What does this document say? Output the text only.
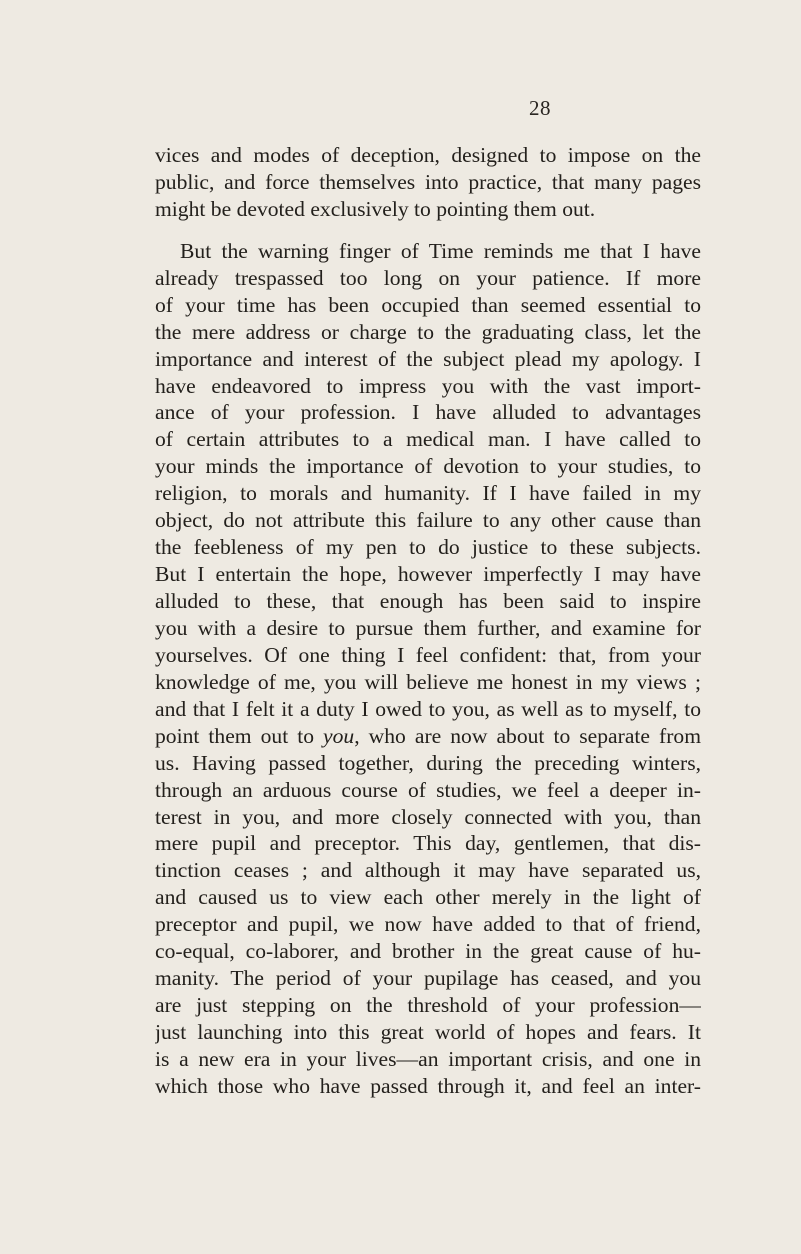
28
vices and modes of deception, designed to impose on the
public, and force themselves into practice, that many pages
might be devoted exclusively to pointing them out.
But the warning finger of Time reminds me that I have
already trespassed too long on your patience. If more
of your time has been occupied than seemed essential to
the mere address or charge to the graduating class, let the
importance and interest of the subject plead my apology. I
have endeavored to impress you with the vast import-
ance of your profession. I have alluded to advantages
of certain attributes to a medical man. I have called to
your minds the importance of devotion to your studies, to
religion, to morals and humanity. If I have failed in my
object, do not attribute this failure to any other cause than
the feebleness of my pen to do justice to these subjects.
But I entertain the hope, however imperfectly I may have
alluded to these, that enough has been said to inspire
you with a desire to pursue them further, and examine for
yourselves. Of one thing I feel confident: that, from your
knowledge of me, you will believe me honest in my views ;
and that I felt it a duty I owed to you, as well as to myself, to
point them out to you, who are now about to separate from
us. Having passed together, during the preceding winters,
through an arduous course of studies, we feel a deeper in-
terest in you, and more closely connected with you, than
mere pupil and preceptor. This day, gentlemen, that dis-
tinction ceases ; and although it may have separated us,
and caused us to view each other merely in the light of
preceptor and pupil, we now have added to that of friend,
co-equal, co-laborer, and brother in the great cause of hu-
manity. The period of your pupilage has ceased, and you
are just stepping on the threshold of your profession—
just launching into this great world of hopes and fears. It
is a new era in your lives—an important crisis, and one in
which those who have passed through it, and feel an inter-
